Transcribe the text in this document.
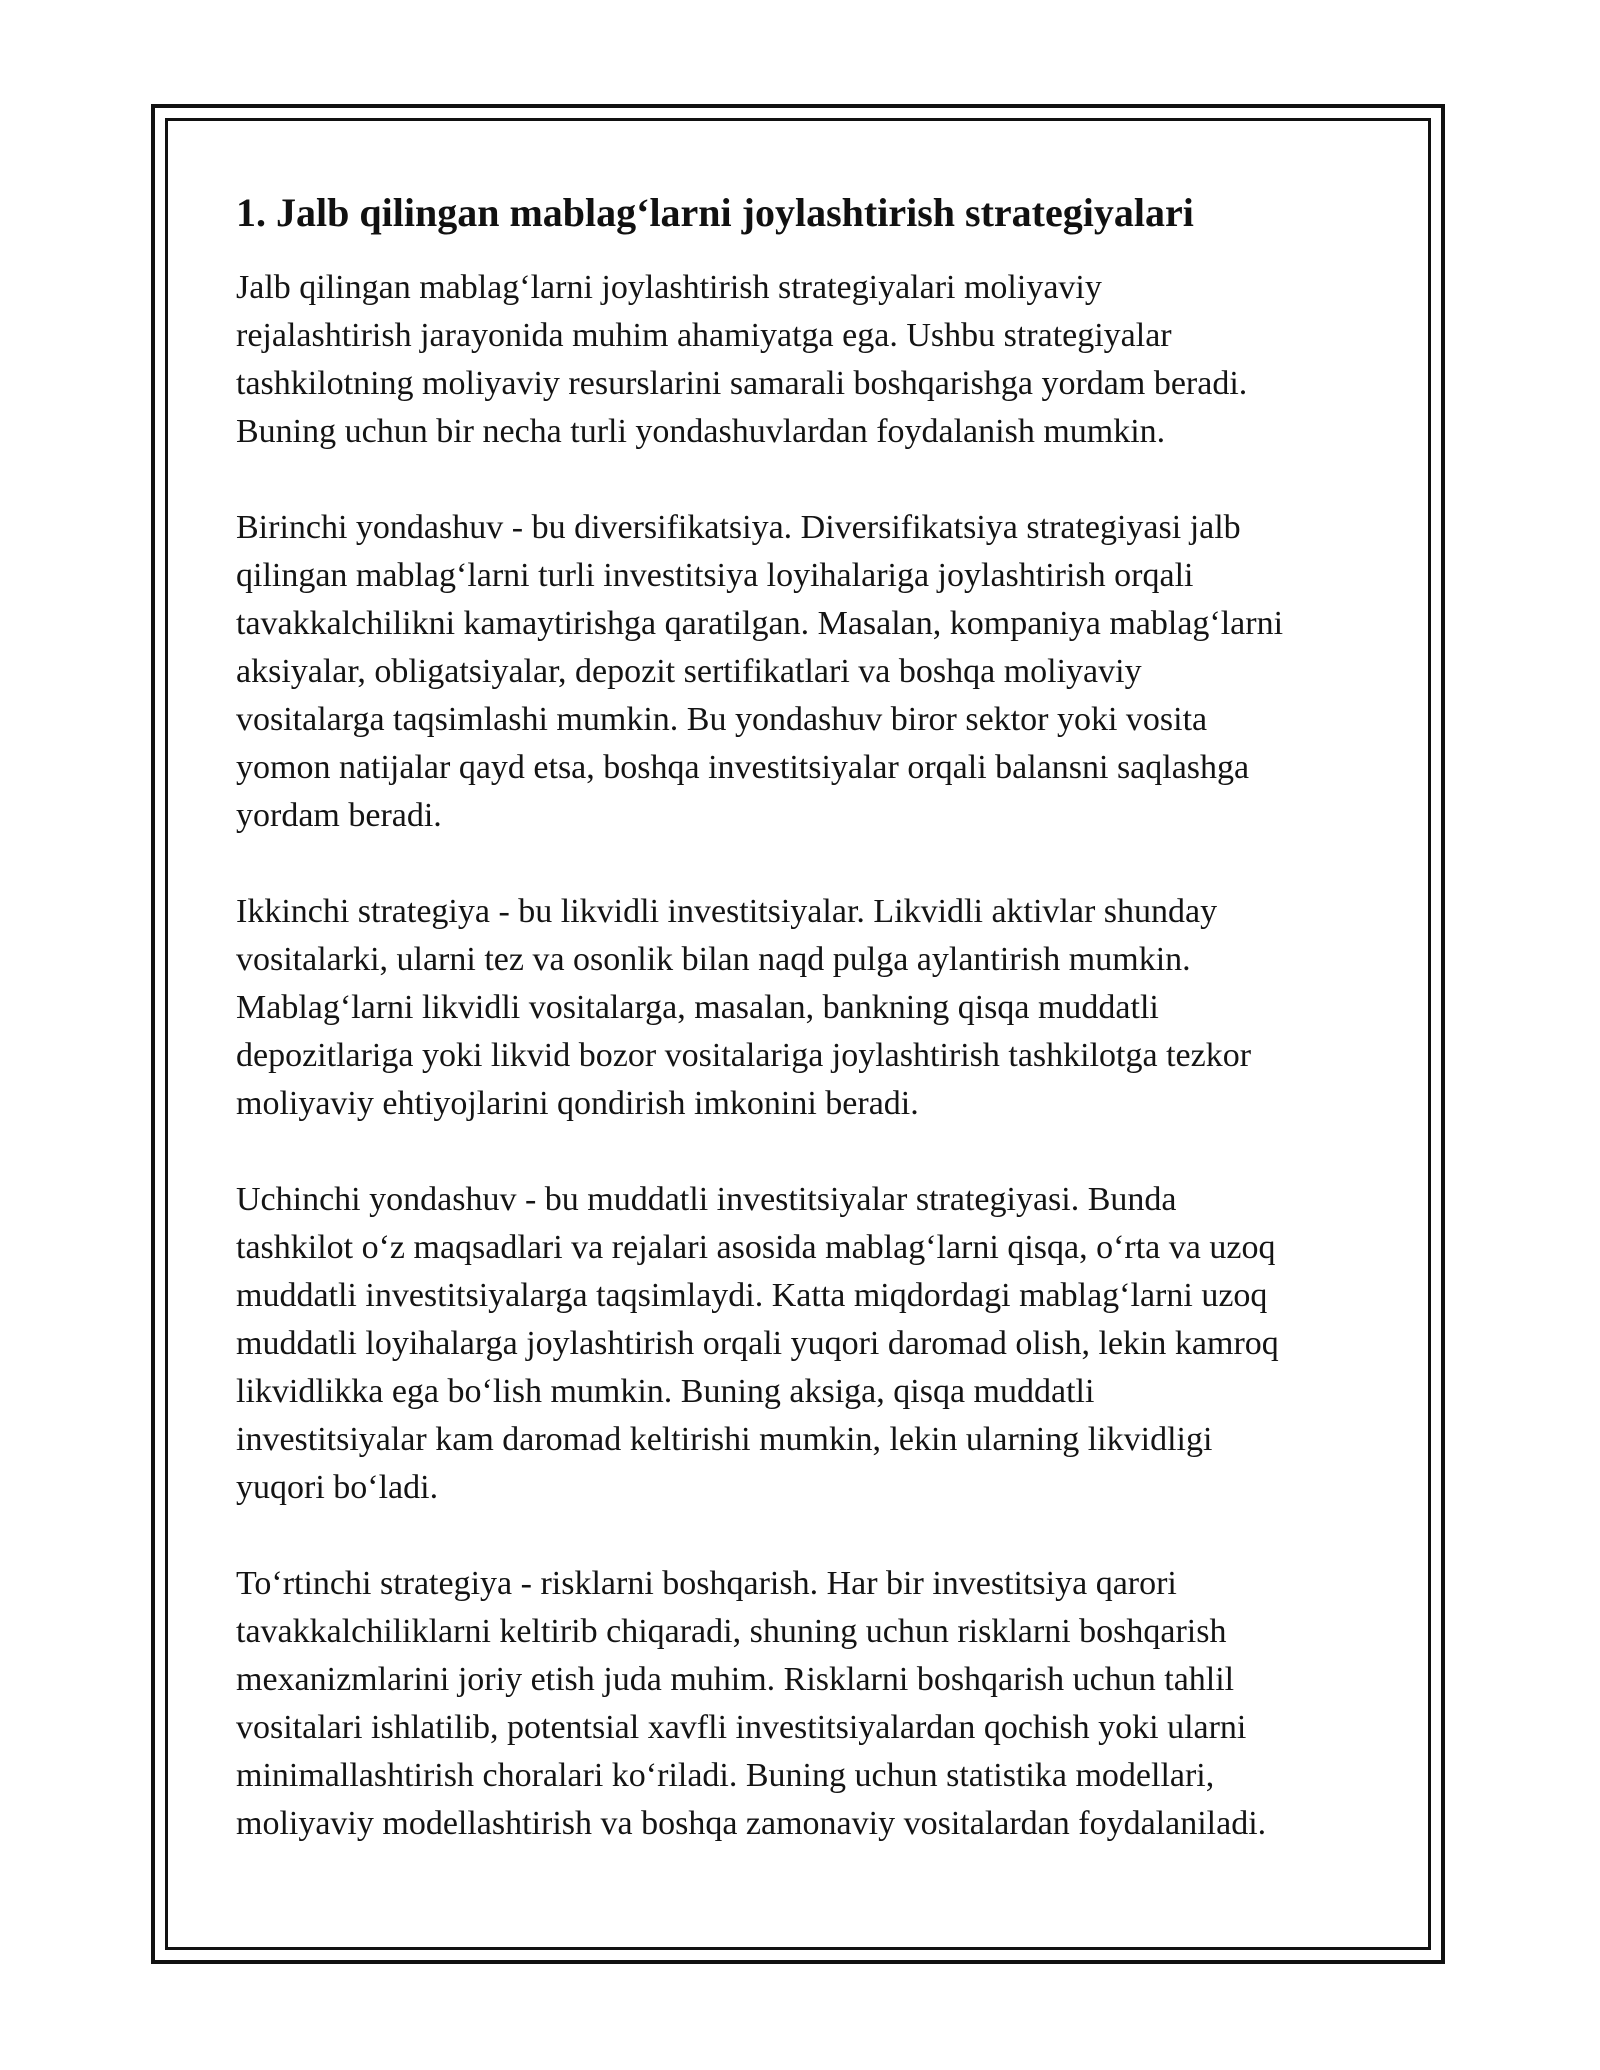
1. Jalb qilingan mablag‘larni joylashtirish strategiyalari

Jalb qilingan mablag‘larni joylashtirish strategiyalari moliyaviy
rejalashtirish jarayonida muhim ahamiyatga ega. Ushbu strategiyalar
tashkilotning moliyaviy resurslarini samarali boshqarishga yordam beradi.
Buning uchun bir necha turli yondashuvlardan foydalanish mumkin.

Birinchi yondashuv - bu diversifikatsiya. Diversifikatsiya strategiyasi jalb
qilingan mablag‘larni turli investitsiya loyihalariga joylashtirish orqali
tavakkalchilikni kamaytirishga qaratilgan. Masalan, kompaniya mablag‘larni
aksiyalar, obligatsiyalar, depozit sertifikatlari va boshqa moliyaviy
vositalarga taqsimlashi mumkin. Bu yondashuv biror sektor yoki vosita
yomon natijalar qayd etsa, boshqa investitsiyalar orqali balansni saqlashga
yordam beradi.

Ikkinchi strategiya - bu likvidli investitsiyalar. Likvidli aktivlar shunday
vositalarki, ularni tez va osonlik bilan naqd pulga aylantirish mumkin.
Mablag‘larni likvidli vositalarga, masalan, bankning qisqa muddatli
depozitlariga yoki likvid bozor vositalariga joylashtirish tashkilotga tezkor
moliyaviy ehtiyojlarini qondirish imkonini beradi.

Uchinchi yondashuv - bu muddatli investitsiyalar strategiyasi. Bunda
tashkilot o‘z maqsadlari va rejalari asosida mablag‘larni qisqa, o‘rta va uzoq
muddatli investitsiyalarga taqsimlaydi. Katta miqdordagi mablag‘larni uzoq
muddatli loyihalarga joylashtirish orqali yuqori daromad olish, lekin kamroq
likvidlikka ega bo‘lish mumkin. Buning aksiga, qisqa muddatli
investitsiyalar kam daromad keltirishi mumkin, lekin ularning likvidligi
yuqori bo‘ladi.

To‘rtinchi strategiya - risklarni boshqarish. Har bir investitsiya qarori
tavakkalchiliklarni keltirib chiqaradi, shuning uchun risklarni boshqarish
mexanizmlarini joriy etish juda muhim. Risklarni boshqarish uchun tahlil
vositalari ishlatilib, potentsial xavfli investitsiyalardan qochish yoki ularni
minimallashtirish choralari ko‘riladi. Buning uchun statistika modellari,
moliyaviy modellashtirish va boshqa zamonaviy vositalardan foydalaniladi.
